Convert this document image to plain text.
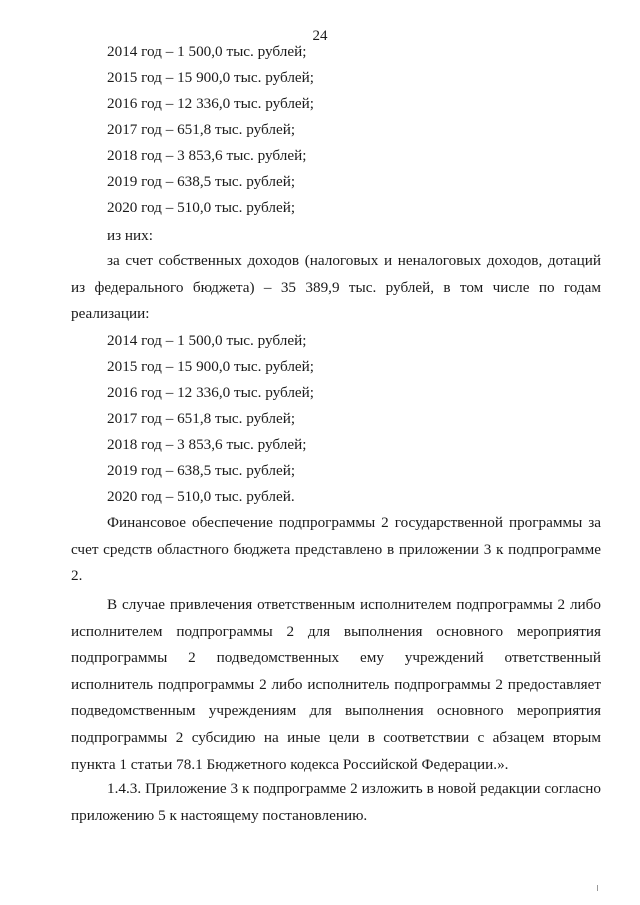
24
2014 год – 1 500,0 тыс. рублей;
2015 год – 15 900,0 тыс. рублей;
2016 год – 12 336,0 тыс. рублей;
2017 год – 651,8 тыс. рублей;
2018 год – 3 853,6 тыс. рублей;
2019 год – 638,5 тыс. рублей;
2020 год – 510,0 тыс. рублей;
из них:
за счет собственных доходов (налоговых и неналоговых доходов, дотаций из федерального бюджета) – 35 389,9 тыс. рублей, в том числе по годам реализации:
2014 год – 1 500,0 тыс. рублей;
2015 год – 15 900,0 тыс. рублей;
2016 год – 12 336,0 тыс. рублей;
2017 год – 651,8 тыс. рублей;
2018 год – 3 853,6 тыс. рублей;
2019 год – 638,5 тыс. рублей;
2020 год – 510,0 тыс. рублей.
Финансовое обеспечение подпрограммы 2 государственной программы за счет средств областного бюджета представлено в приложении 3 к подпрограмме 2.
В случае привлечения ответственным исполнителем подпрограммы 2 либо исполнителем подпрограммы 2 для выполнения основного мероприятия подпрограммы 2 подведомственных ему учреждений ответственный исполнитель подпрограммы 2 либо исполнитель подпрограммы 2 предоставляет подведомственным учреждениям для выполнения основного мероприятия подпрограммы 2 субсидию на иные цели в соответствии с абзацем вторым пункта 1 статьи 78.1 Бюджетного кодекса Российской Федерации.».
1.4.3. Приложение 3 к подпрограмме 2 изложить в новой редакции согласно приложению 5 к настоящему постановлению.
